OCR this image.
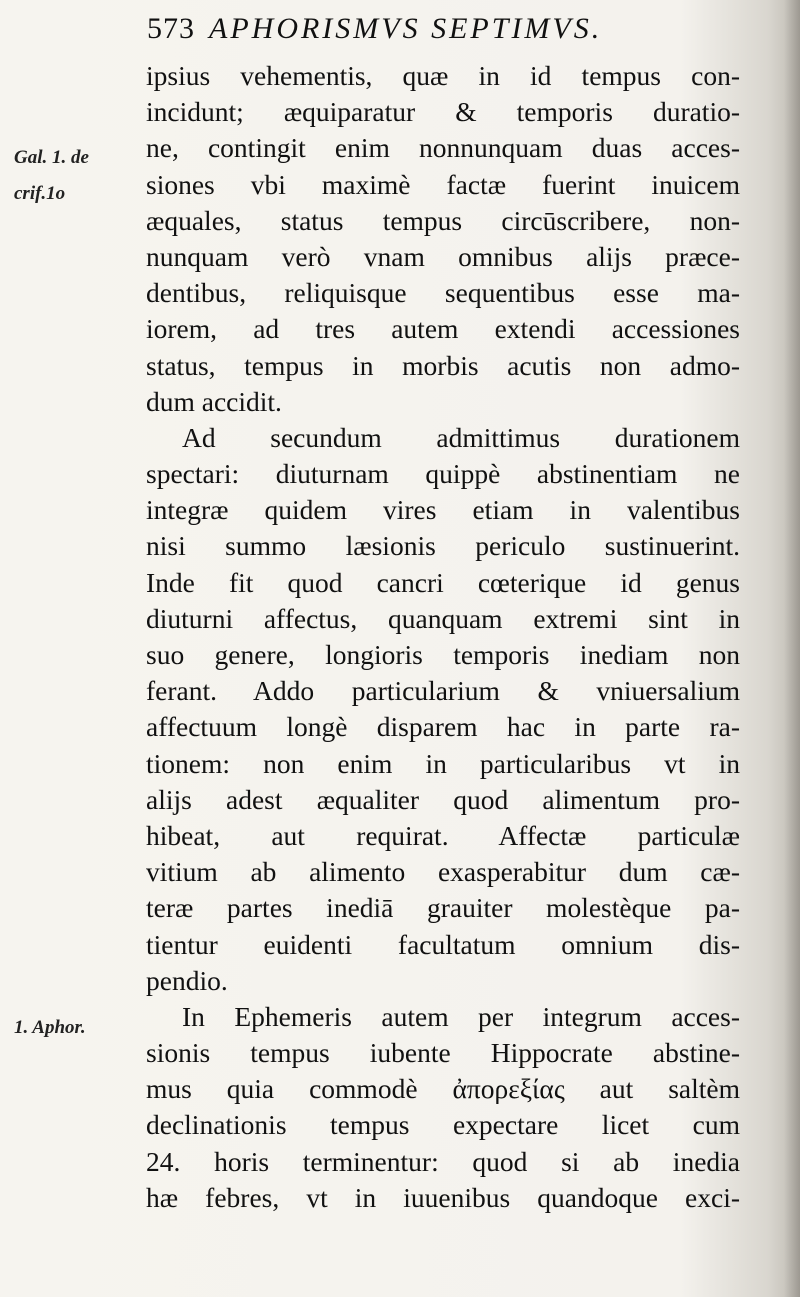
573 APHORISMVS SEPTIMVS.
Gal. 1. de
crif.1o
1. Aphor.
ipsius vehementis, quæ in id tempus con-
incidunt; æquiparatur & temporis duratio-
ne, contingit enim nonnunquam duas acces-
siones vbi maximè factæ fuerint inuicem
æquales, status tempus circūscribere, non-
nunquam verò vnam omnibus alijs præce-
dentibus, reliquisque sequentibus esse ma-
iorem, ad tres autem extendi accessiones
status, tempus in morbis acutis non admo-
dum accidit.
Ad secundum admittimus durationem
spectari: diuturnam quippè abstinentiam ne
integræ quidem vires etiam in valentibus
nisi summo læsionis periculo sustinuerint.
Inde fit quod cancri cœterique id genus
diuturni affectus, quanquam extremi sint in
suo genere, longioris temporis inediam non
ferant. Addo particularium & vniuersalium
affectuum longè disparem hac in parte ra-
tionem: non enim in particularibus vt in
alijs adest æqualiter quod alimentum pro-
hibeat, aut requirat. Affectæ particulæ
vitium ab alimento exasperabitur dum cæ-
teræ partes inediā grauiter molestèque pa-
tientur euidenti facultatum omnium dis-
pendio.
In Ephemeris autem per integrum acces-
sionis tempus iubente Hippocrate abstine-
mus quia commodè ἀπορεξίας aut saltèm
declinationis tempus expectare licet cum
24. horis terminentur: quod si ab inedia
hæ febres, vt in iuuenibus quandoque exci-
